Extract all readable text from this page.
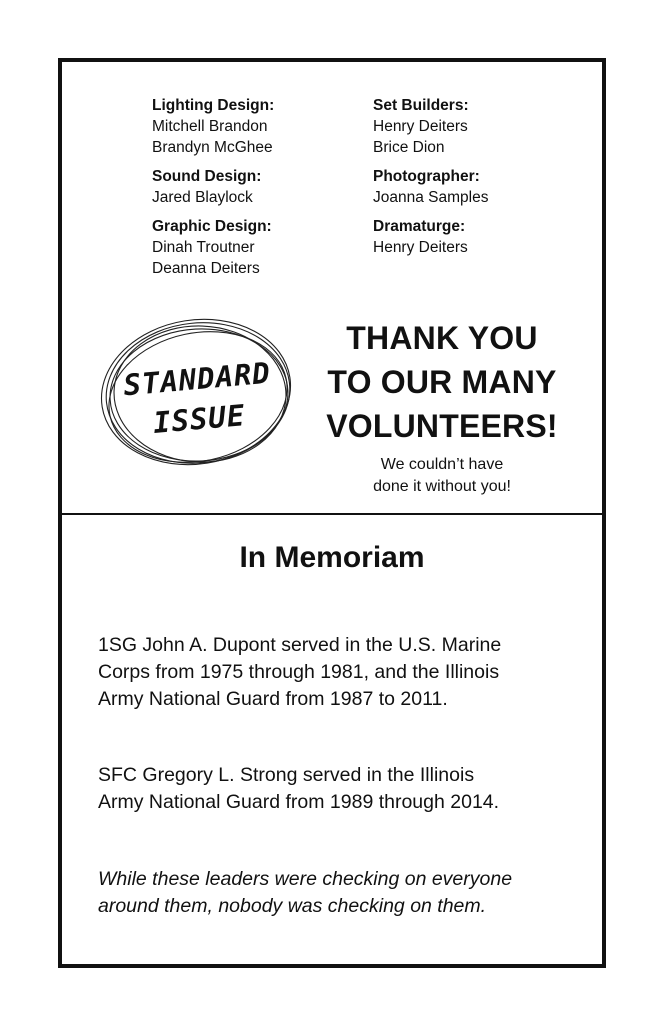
Lighting Design:
Mitchell Brandon
Brandyn McGhee
Sound Design:
Jared Blaylock
Graphic Design:
Dinah Troutner
Deanna Deiters
Set Builders:
Henry Deiters
Brice Dion
Photographer:
Joanna Samples
Dramaturge:
Henry Deiters
STANDARD
ISSUE
THANK YOU
TO OUR MANY
VOLUNTEERS!
We couldn’t have
done it without you!
In Memoriam
1SG John A. Dupont served in the U.S. Marine
Corps from 1975 through 1981, and the Illinois
Army National Guard from 1987 to 2011.
SFC Gregory L. Strong served in the Illinois
Army National Guard from 1989 through 2014.
While these leaders were checking on everyone
around them, nobody was checking on them.
